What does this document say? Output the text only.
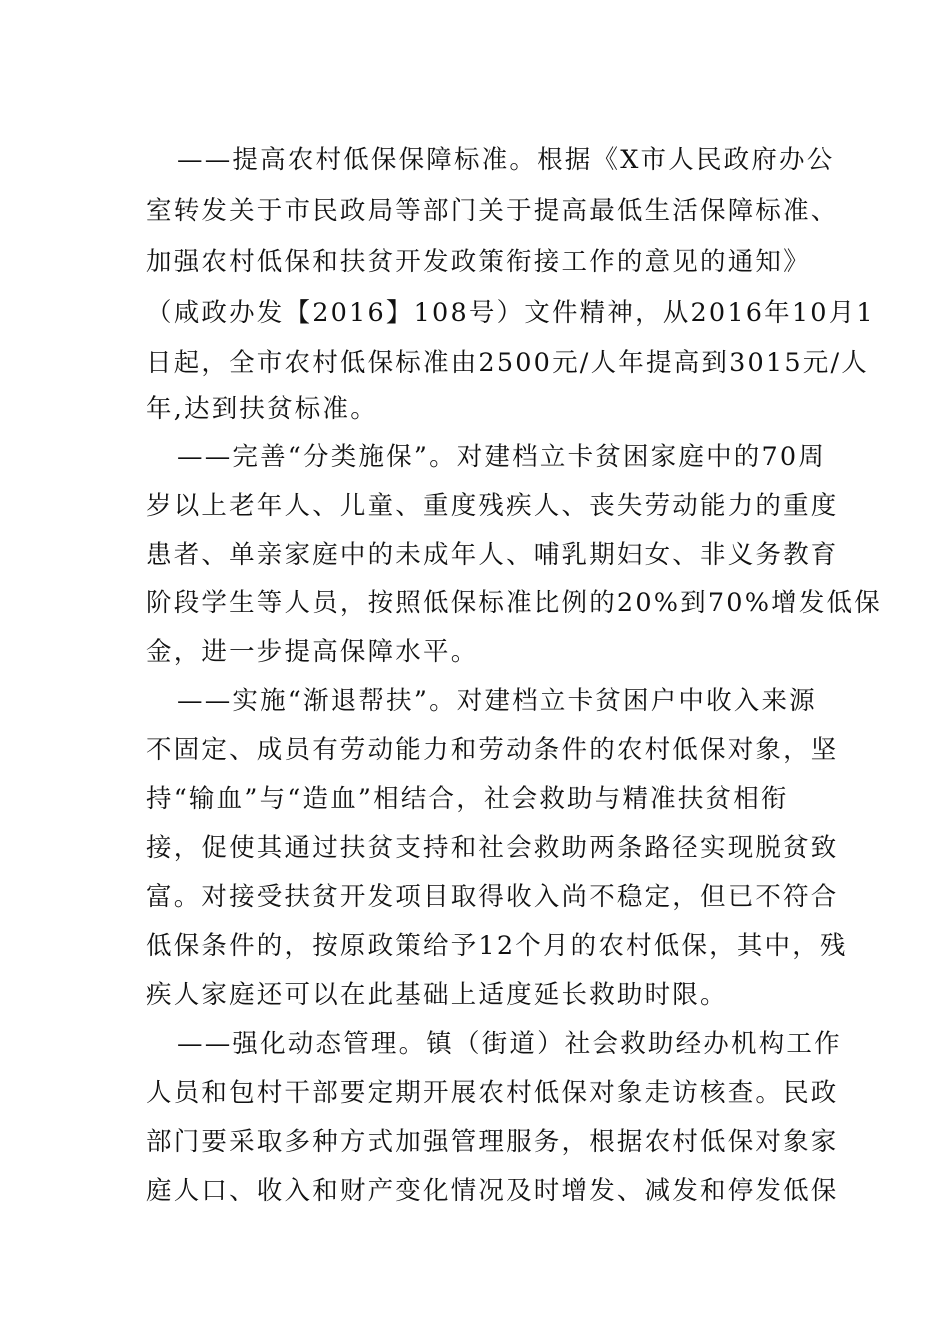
——提高农村低保保障标准。根据《X市人民政府办公
室转发关于市民政局等部门关于提高最低生活保障标准、
加强农村低保和扶贫开发政策衔接工作的意见的通知》
（咸政办发【2016】108号）文件精神，从2016年10月1
日起，全市农村低保标准由2500元/人年提高到3015元/人
年,达到扶贫标准。
——完善“分类施保”。对建档立卡贫困家庭中的70周
岁以上老年人、儿童、重度残疾人、丧失劳动能力的重度
患者、单亲家庭中的未成年人、哺乳期妇女、非义务教育
阶段学生等人员，按照低保标准比例的20%到70%增发低保
金，进一步提高保障水平。
——实施“渐退帮扶”。对建档立卡贫困户中收入来源
不固定、成员有劳动能力和劳动条件的农村低保对象，坚
持“输血”与“造血”相结合，社会救助与精准扶贫相衔
接，促使其通过扶贫支持和社会救助两条路径实现脱贫致
富。对接受扶贫开发项目取得收入尚不稳定，但已不符合
低保条件的，按原政策给予12个月的农村低保，其中，残
疾人家庭还可以在此基础上适度延长救助时限。
——强化动态管理。镇（街道）社会救助经办机构工作
人员和包村干部要定期开展农村低保对象走访核查。民政
部门要采取多种方式加强管理服务，根据农村低保对象家
庭人口、收入和财产变化情况及时增发、减发和停发低保
